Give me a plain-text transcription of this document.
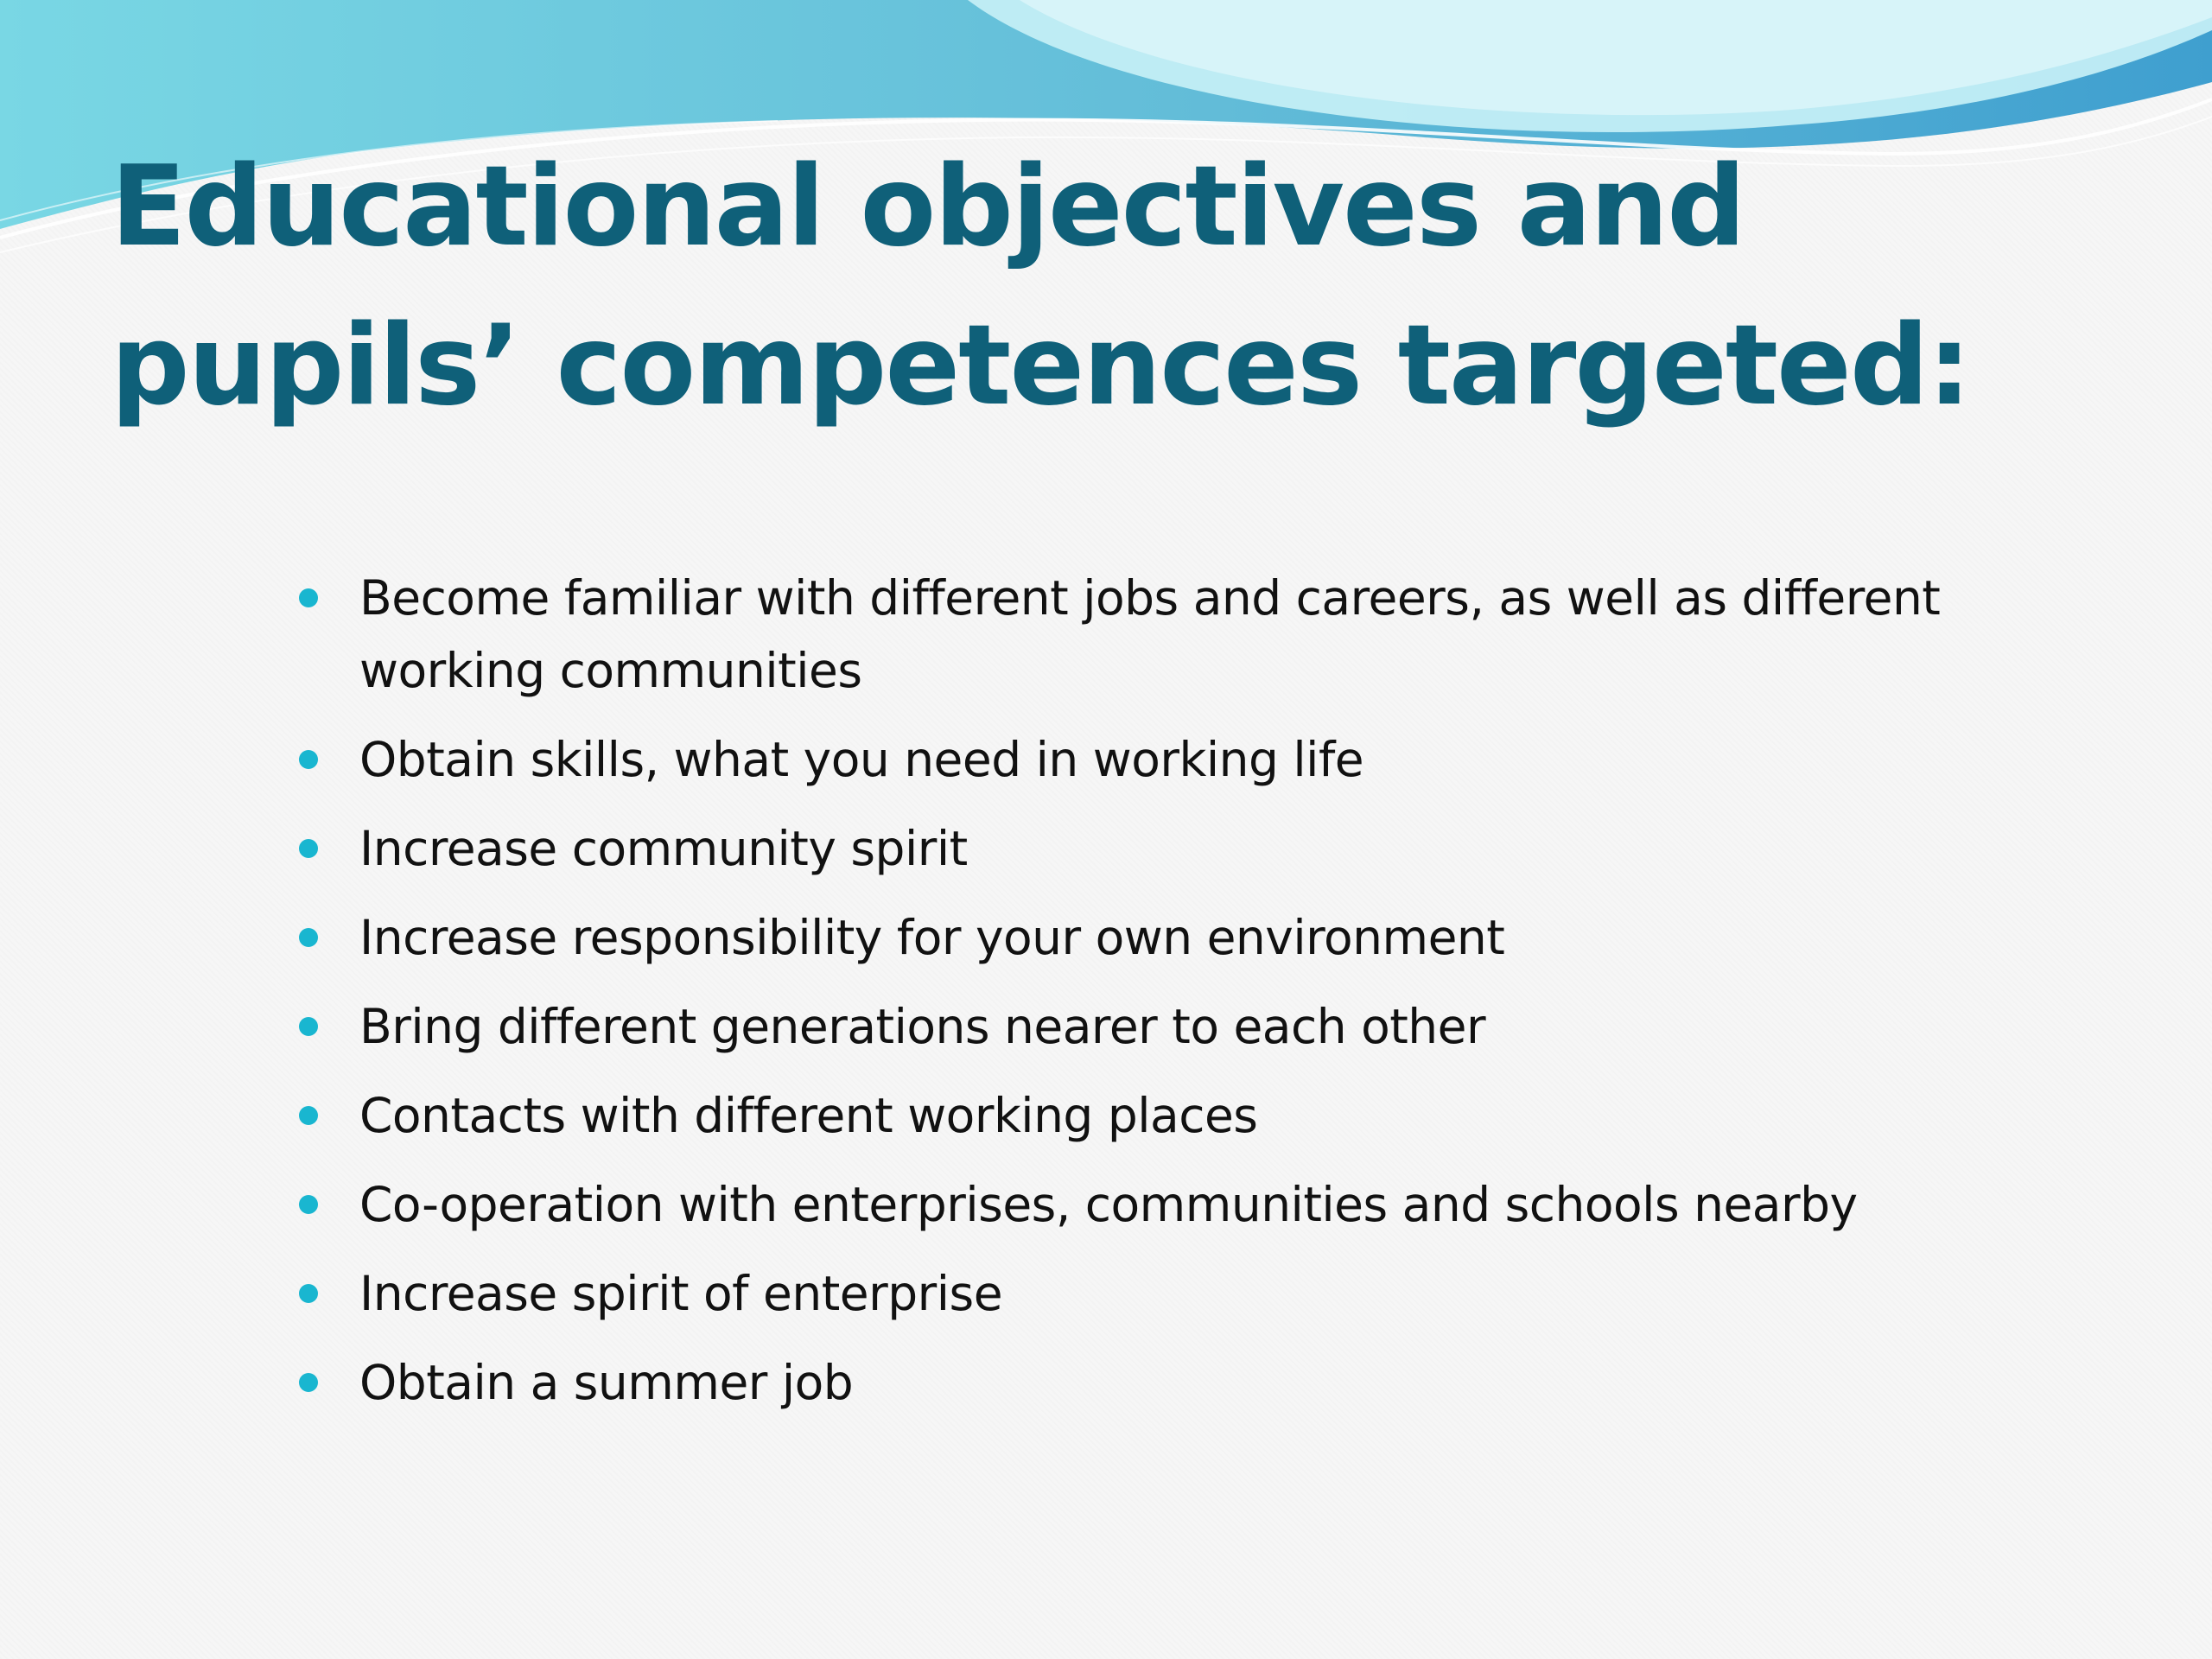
Educational objectives and pupils’ competences targeted:
Become familiar with different jobs and careers, as well as different working communities
Obtain skills, what you need in working life
Increase community spirit
Increase responsibility for your own environment
Bring different generations nearer to each other
Contacts with different working places
Co-operation with enterprises, communities and schools nearby
Increase spirit of enterprise
Obtain a summer job
